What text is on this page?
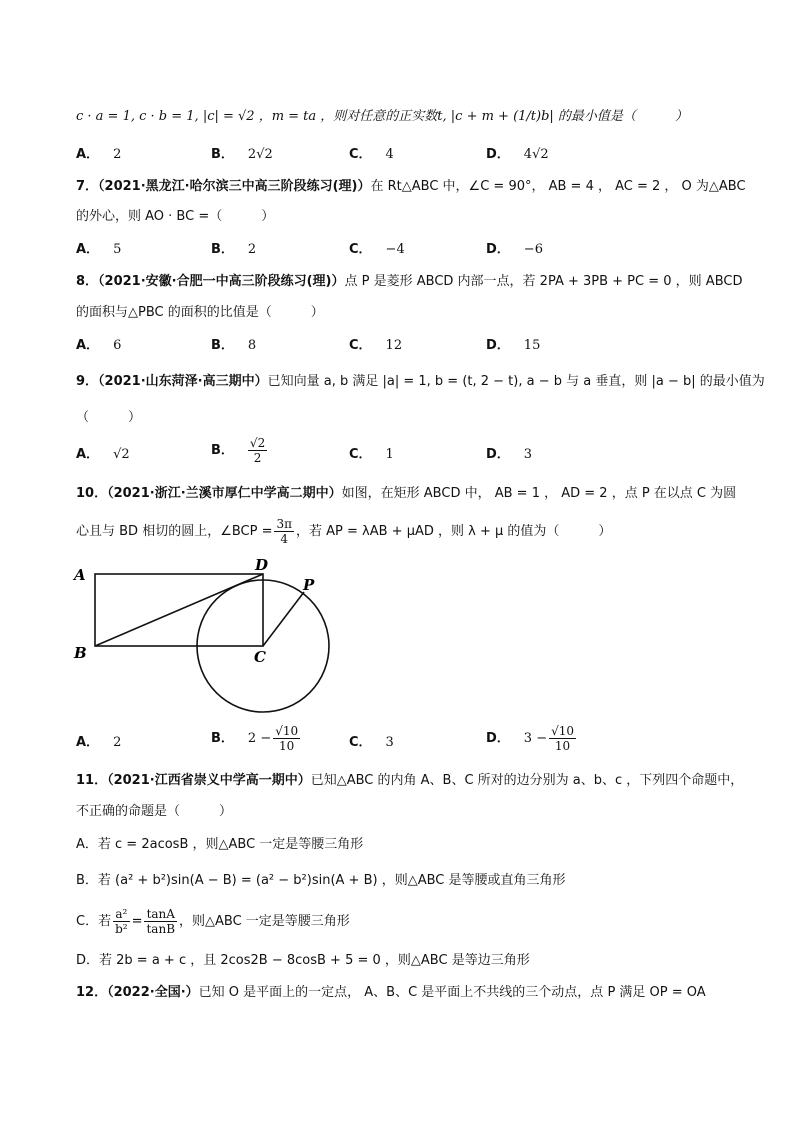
c · a = 1, c · b = 1, |c| = √2 ，m = ta ，则对任意的正实数t, |c + m + (1/t)b| 的最小值是（　　　）
A． 2	B． 2√2	C． 4	D． 4√2
7．（2021·黑龙江·哈尔滨三中高三阶段练习(理)）在 Rt△ABC 中，∠C = 90°， AB = 4 ， AC = 2 ， O 为△ABC
的外心，则 AO · BC =（　　　）
A． 5	B． 2	C． −4	D． −6
8．（2021·安徽·合肥一中高三阶段练习(理)）点 P 是菱形 ABCD 内部一点，若 2PA + 3PB + PC = 0 ，则 ABCD
的面积与△PBC 的面积的比值是（　　　）
A． 6	B． 8	C． 12	D． 15
9．（2021·山东菏泽·高三期中）已知向量 a, b 满足 |a| = 1, b = (t, 2 − t), a − b 与 a 垂直，则 |a − b| 的最小值为
（　　　）
A． √2	B． $\frac{√2}{2}$	C． 1	D． 3
10．（2021·浙江·兰溪市厚仁中学高二期中）如图，在矩形 ABCD 中， AB = 1 ， AD = 2 ，点 P 在以点 C 为圆
心且与 BD 相切的圆上，∠BCP = $\frac{3\pi}{4}$ ，若 AP = λAB + μAD ，则 λ + μ 的值为（　　　）
A
B	C
D
P
A． 2	B． $2 - \frac{√10}{10}$	C． 3	D． $3 - \frac{√10}{10}$
11．（2021·江西省崇义中学高一期中）已知△ABC 的内角 A、B、C 所对的边分别为 a、b、c ，下列四个命题中，
不正确的命题是（　　　）
A．若 c = 2acosB ，则△ABC 一定是等腰三角形
B．若 (a² + b²)sin(A − B) = (a² − b²)sin(A + B) ，则△ABC 是等腰或直角三角形
C．若 $\frac{\text{a²}}{\text{b²}} = \frac{\tan A}{\tan B}$ ，则△ABC 一定是等腰三角形
D．若 2b = a + c ，且 2cos2B − 8cosB + 5 = 0 ，则△ABC 是等边三角形
12．（2022·全国·）已知 O 是平面上的一定点， A、B、C 是平面上不共线的三个动点，点 P 满足 OP = OA
